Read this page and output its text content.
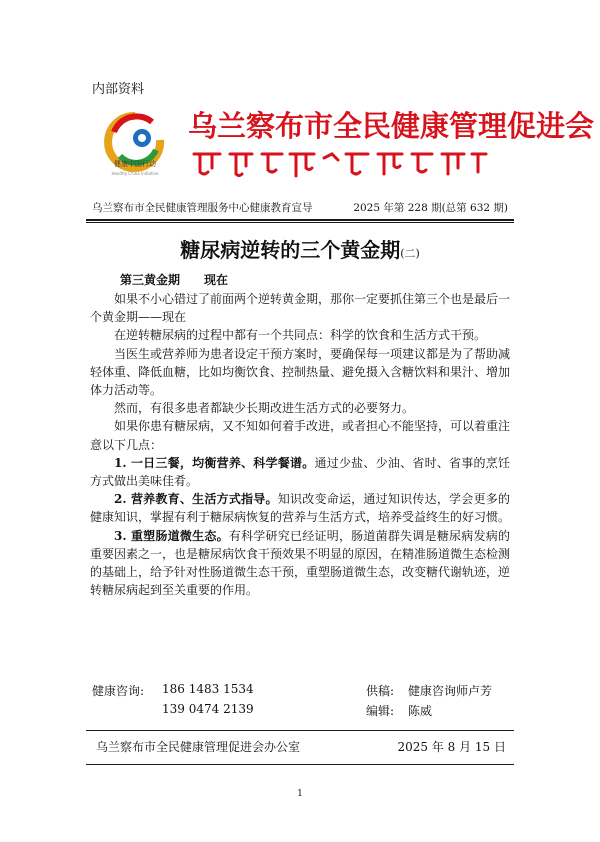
内部资料
健康中国行动
Healthy China Initiative
乌兰察布市全民健康管理促进会
乌兰察布市全民健康管理服务中心健康教育宣导	2025 年第 228 期(总第 632 期)
糖尿病逆转的三个黄金期(二)
第三黄金期 现在

如果不小心错过了前面两个逆转黄金期，那你一定要抓住第三个也是最后一个黄金期——现在

在逆转糖尿病的过程中都有一个共同点：科学的饮食和生活方式干预。

当医生或营养师为患者设定干预方案时，要确保每一项建议都是为了帮助减轻体重、降低血糖，比如均衡饮食、控制热量、避免摄入含糖饮料和果汁、增加体力活动等。

然而，有很多患者都缺少长期改进生活方式的必要努力。

如果你患有糖尿病，又不知如何着手改进，或者担心不能坚持，可以着重注意以下几点：

1. 一日三餐，均衡营养、科学餐谱。通过少盐、少油、省时、省事的烹饪方式做出美味佳肴。

2. 营养教育、生活方式指导。知识改变命运，通过知识传达，学会更多的健康知识，掌握有利于糖尿病恢复的营养与生活方式，培养受益终生的好习惯。

3. 重塑肠道微生态。有科学研究已经证明，肠道菌群失调是糖尿病发病的重要因素之一，也是糖尿病饮食干预效果不明显的原因，在精准肠道微生态检测的基础上，给予针对性肠道微生态干预，重塑肠道微生态，改变糖代谢轨迹，逆转糖尿病起到至关重要的作用。

健康咨询: 186 1483 1534
139 0474 2139
供稿: 健康咨询师卢芳
编辑: 陈威
乌兰察布市全民健康管理促进会办公室	2025 年 8 月 15 日
1
